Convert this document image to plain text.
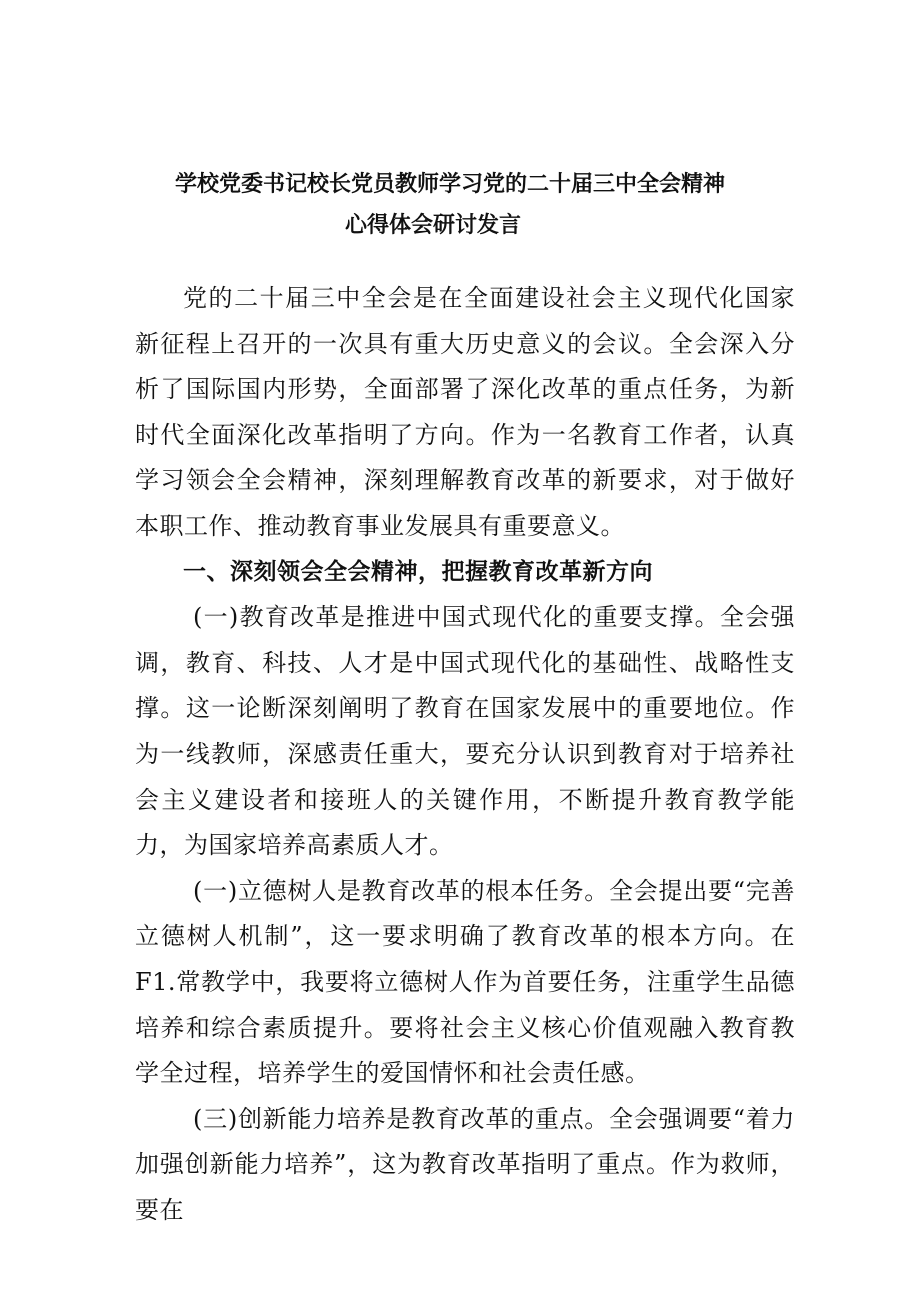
学校党委书记校长党员教师学习党的二十届三中全会精神
心得体会研讨发言

党的二十届三中全会是在全面建设社会主义现代化国家新征程上召开的一次具有重大历史意义的会议。全会深入分析了国际国内形势，全面部署了深化改革的重点任务，为新时代全面深化改革指明了方向。作为一名教育工作者，认真学习领会全会精神，深刻理解教育改革的新要求，对于做好本职工作、推动教育事业发展具有重要意义。

一、深刻领会全会精神，把握教育改革新方向

(一)教育改革是推进中国式现代化的重要支撑。全会强调，教育、科技、人才是中国式现代化的基础性、战略性支撑。这一论断深刻阐明了教育在国家发展中的重要地位。作为一线教师，深感责任重大，要充分认识到教育对于培养社会主义建设者和接班人的关键作用，不断提升教育教学能力，为国家培养高素质人才。

(一)立德树人是教育改革的根本任务。全会提出要“完善立德树人机制”，这一要求明确了教育改革的根本方向。在F1.常教学中，我要将立德树人作为首要任务，注重学生品德培养和综合素质提升。要将社会主义核心价值观融入教育教学全过程，培养学生的爱国情怀和社会责任感。

(三)创新能力培养是教育改革的重点。全会强调要“着力加强创新能力培养”，这为教育改革指明了重点。作为救师，要在
